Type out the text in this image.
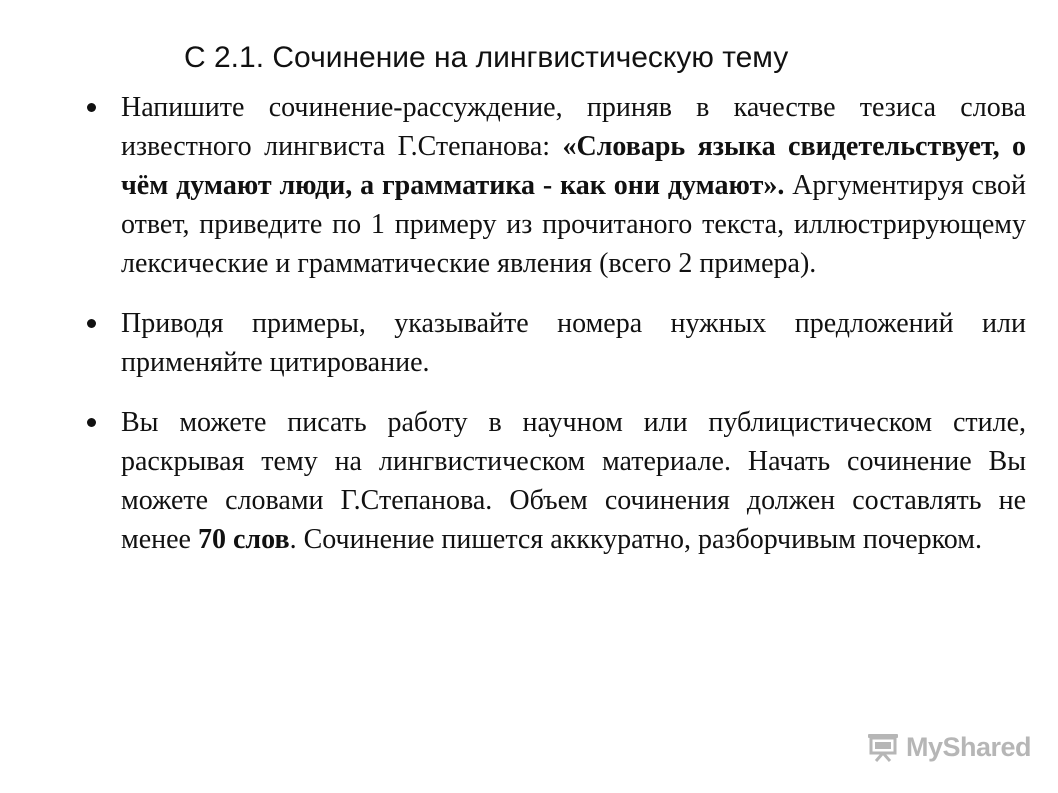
С 2.1. Сочинение на лингвистическую тему
Напишите сочинение-рассуждение, приняв в качестве тезиса слова известного лингвиста Г.Степанова: «Словарь языка свидетельствует, о чём думают люди, а грамматика - как они думают». Аргументируя свой ответ, приведите по 1 примеру из прочитаного текста, иллюстрирующему лексические и грамматические явления (всего 2 примера).
Приводя примеры, указывайте номера нужных предложений или применяйте цитирование.
Вы можете писать работу в научном или публицистическом стиле, раскрывая тему на лингвистическом материале. Начать сочинение Вы можете словами Г.Степанова. Объем сочинения должен составлять не менее 70 слов. Сочинение пишется акккуратно, разборчивым почерком.
MyShared
